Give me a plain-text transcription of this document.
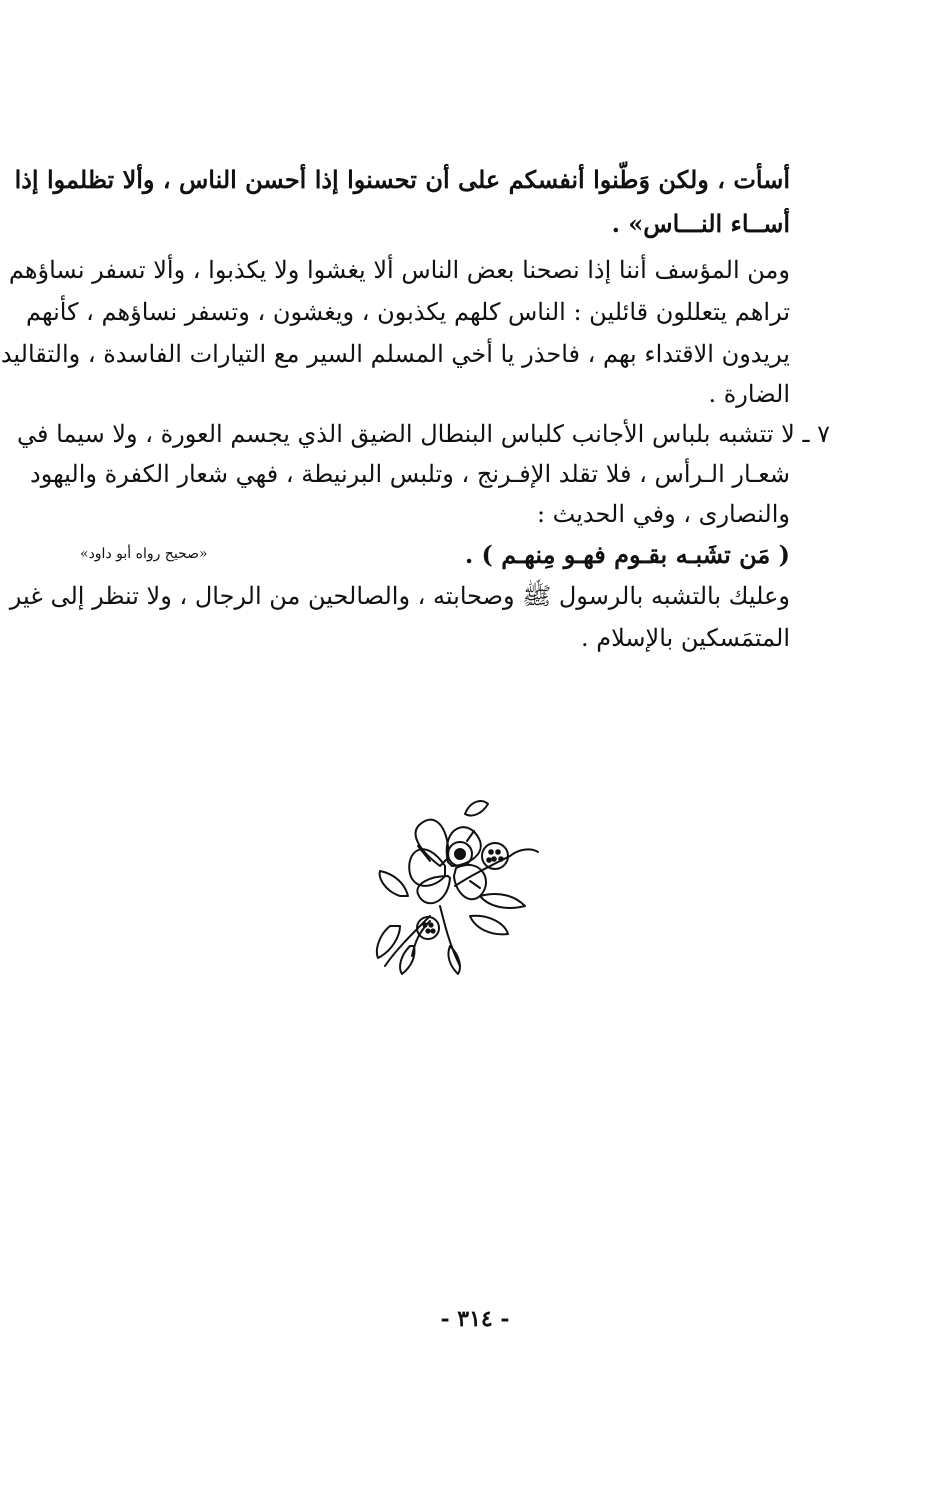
أسأت ، ولكن وَطّنوا أنفسكم على أن تحسنوا إذا أحسن الناس ، وألا تظلموا إذا
أســاء النـــاس» .
ومن المؤسف أننا إذا نصحنا بعض الناس ألا يغشوا ولا يكذبوا ، وألا تسفر نساؤهم
تراهم يتعللون قائلين : الناس كلهم يكذبون ، ويغشون ، وتسفر نساؤهم ، كأنهم
يريدون الاقتداء بهم ، فاحذر يا أخي المسلم السير مع التيارات الفاسدة ، والتقاليد
الضارة .
٧ ـ لا تتشبه بلباس الأجانب كلباس البنطال الضيق الذي يجسم العورة ، ولا سيما في
شعـار الـرأس ، فلا تقلد الإفـرنج ، وتلبس البرنيطة ، فهي شعار الكفرة واليهود
والنصارى ، وفي الحديث :
( مَن تشَبـه بقـوم فهـو مِنهـم ) .
«صحيح رواه أبو داود»
وعليك بالتشبه بالرسول ﷺ وصحابته ، والصالحين من الرجال ، ولا تنظر إلى غير
المتمَسكين بالإسلام .
- ٣١٤ -
